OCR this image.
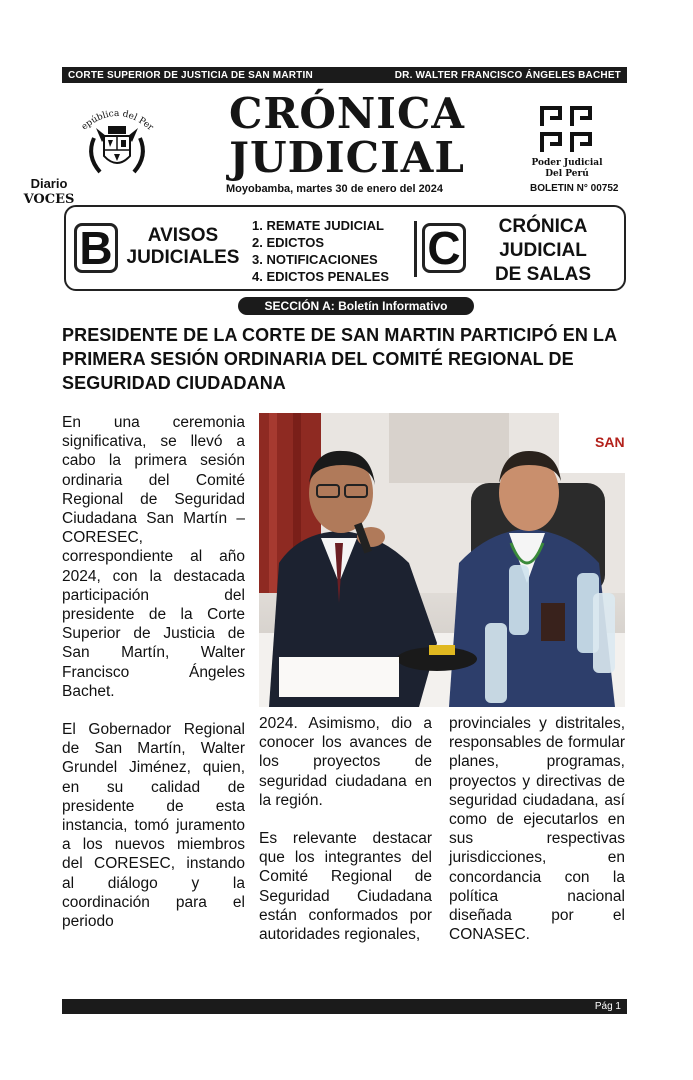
CORTE SUPERIOR DE JUSTICIA DE SAN MARTIN	DR. WALTER FRANCISCO ÁNGELES BACHET
epública del Per
Diario VOCES
CRÓNICA
JUDICIAL
Moyobamba, martes 30 de enero del 2024
Poder Judicial
Del Perú
BOLETIN N° 00752
B	AVISOS
JUDICIALES
1. REMATE JUDICIAL
2. EDICTOS
3. NOTIFICACIONES
4. EDICTOS PENALES
C	CRÓNICA
JUDICIAL
DE SALAS
SECCIÓN A: Boletín Informativo
PRESIDENTE DE LA CORTE DE SAN MARTIN PARTICIPÓ EN LA PRIMERA SESIÓN ORDINARIA DEL COMITÉ REGIONAL DE SEGURIDAD CIUDADANA

En una ceremonia significativa, se llevó a cabo la primera sesión ordinaria del Comité Regional de Seguridad Ciudadana San Martín – CORESEC, correspondiente al año 2024, con la destacada participación del presidente de la Corte Superior de Justicia de San Martín, Walter Francisco Ángeles Bachet.

El Gobernador Regional de San Martín, Walter Grundel Jiménez, quien, en su calidad de presidente de esta instancia, tomó juramento a los nuevos miembros del CORESEC, instando al diálogo y la coordinación para el periodo

SAN

2024. Asimismo, dio a conocer los avances de los proyectos de seguridad ciudadana en la región.

Es relevante destacar que los integrantes del Comité Regional de Seguridad Ciudadana están conformados por autoridades regionales,

provinciales y distritales, responsables de formular planes, programas, proyectos y directivas de seguridad ciudadana, así como de ejecutarlos en sus respectivas jurisdicciones, en concordancia con la política nacional diseñada por el CONASEC.

Pág 1
